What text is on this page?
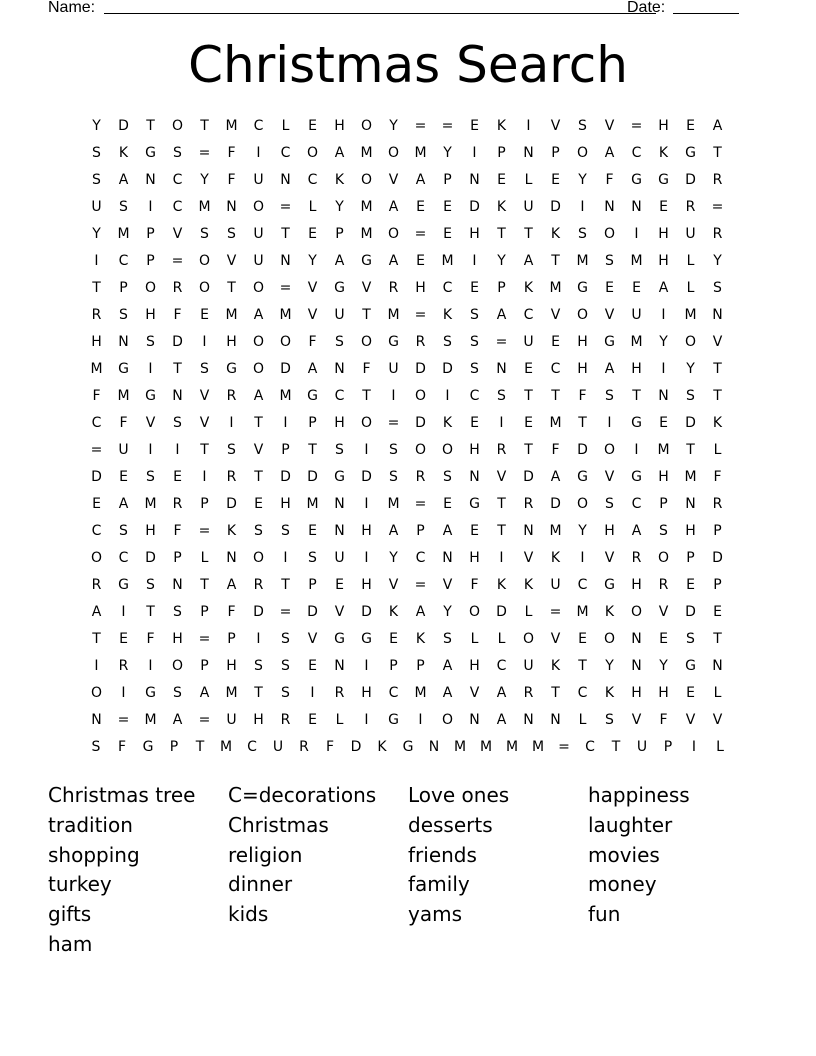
Name:	Date:
Christmas Search
Y	D	T	O	T	M	C	L	E	H	O	Y	=	=	E	K	I	V	S	V	=	H	E	A
S	K	G	S	=	F	I	C	O	A	M	O	M	Y	I	P	N	P	O	A	C	K	G	T
S	A	N	C	Y	F	U	N	C	K	O	V	A	P	N	E	L	E	Y	F	G	G	D	R
U	S	I	C	M	N	O	=	L	Y	M	A	E	E	D	K	U	D	I	N	N	E	R	=
Y	M	P	V	S	S	U	T	E	P	M	O	=	E	H	T	T	K	S	O	I	H	U	R
I	C	P	=	O	V	U	N	Y	A	G	A	E	M	I	Y	A	T	M	S	M	H	L	Y
T	P	O	R	O	T	O	=	V	G	V	R	H	C	E	P	K	M	G	E	E	A	L	S
R	S	H	F	E	M	A	M	V	U	T	M	=	K	S	A	C	V	O	V	U	I	M	N
H	N	S	D	I	H	O	O	F	S	O	G	R	S	S	=	U	E	H	G	M	Y	O	V
M	G	I	T	S	G	O	D	A	N	F	U	D	D	S	N	E	C	H	A	H	I	Y	T
F	M	G	N	V	R	A	M	G	C	T	I	O	I	C	S	T	T	F	S	T	N	S	T
C	F	V	S	V	I	T	I	P	H	O	=	D	K	E	I	E	M	T	I	G	E	D	K
=	U	I	I	T	S	V	P	T	S	I	S	O	O	H	R	T	F	D	O	I	M	T	L
D	E	S	E	I	R	T	D	D	G	D	S	R	S	N	V	D	A	G	V	G	H	M	F
E	A	M	R	P	D	E	H	M	N	I	M	=	E	G	T	R	D	O	S	C	P	N	R
C	S	H	F	=	K	S	S	E	N	H	A	P	A	E	T	N	M	Y	H	A	S	H	P
O	C	D	P	L	N	O	I	S	U	I	Y	C	N	H	I	V	K	I	V	R	O	P	D
R	G	S	N	T	A	R	T	P	E	H	V	=	V	F	K	K	U	C	G	H	R	E	P
A	I	T	S	P	F	D	=	D	V	D	K	A	Y	O	D	L	=	M	K	O	V	D	E
T	E	F	H	=	P	I	S	V	G	G	E	K	S	L	L	O	V	E	O	N	E	S	T
I	R	I	O	P	H	S	S	E	N	I	P	P	A	H	C	U	K	T	Y	N	Y	G	N
O	I	G	S	A	M	T	S	I	R	H	C	M	A	V	A	R	T	C	K	H	H	E	L
N	=	M	A	=	U	H	R	E	L	I	G	I	O	N	A	N	N	L	S	V	F	V	V
S	F	G	P	T	M	C	U	R	F	D	K	G	N	M M M M	=	C	T	U	P	I	L
Christmas tree
tradition
shopping
turkey
gifts
ham
C=decorations
Christmas
religion
dinner
kids
Love ones
desserts
friends
family
yams
happiness
laughter
movies
money
fun
